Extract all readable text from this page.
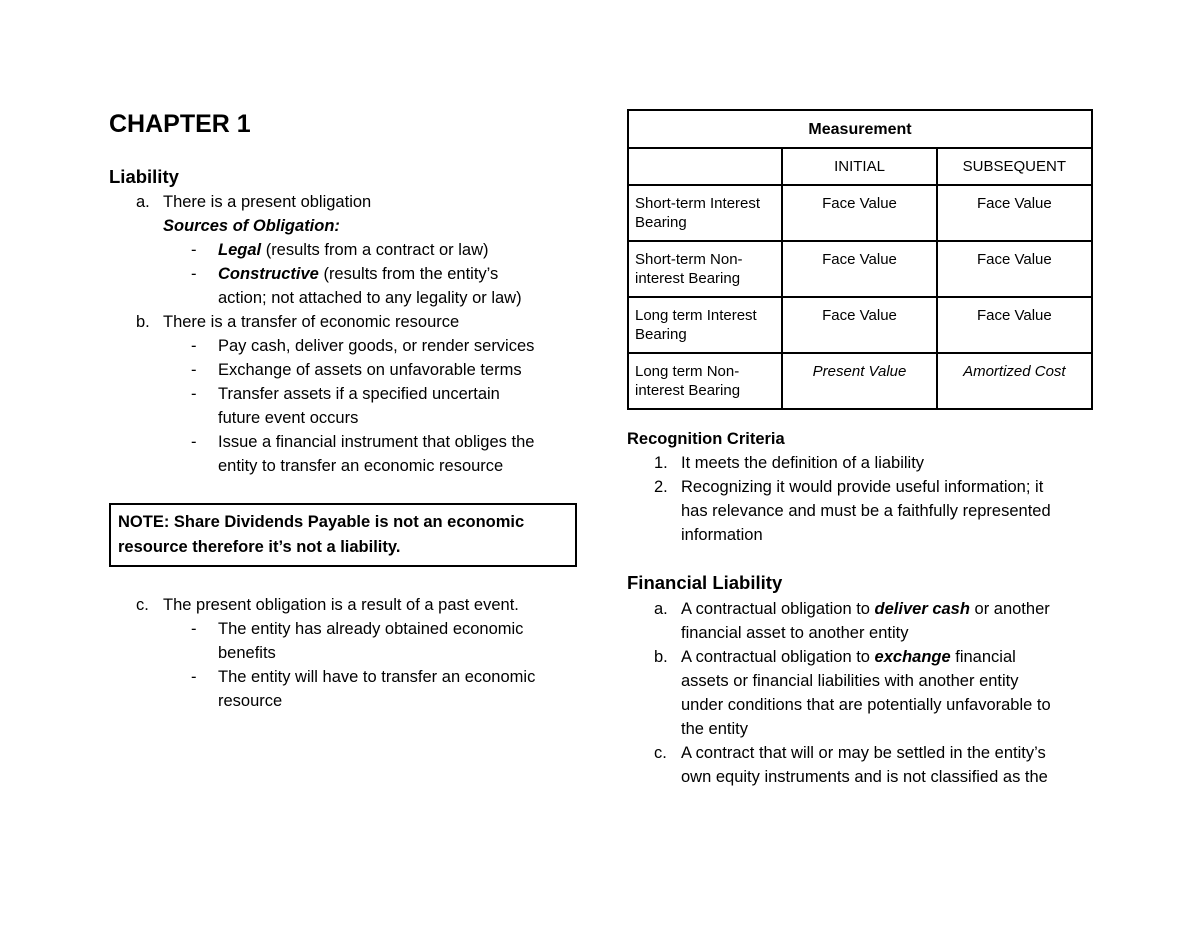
CHAPTER 1
Liability
a. There is a present obligation
Sources of Obligation:
- Legal (results from a contract or law)
- Constructive (results from the entity’s
action; not attached to any legality or law)
b. There is a transfer of economic resource
- Pay cash, deliver goods, or render services
- Exchange of assets on unfavorable terms
- Transfer assets if a specified uncertain
future event occurs
- Issue a financial instrument that obliges the
entity to transfer an economic resource
NOTE: Share Dividends Payable is not an economic
resource therefore it’s not a liability.
c. The present obligation is a result of a past event.
- The entity has already obtained economic
benefits
- The entity will have to transfer an economic
resource
Measurement		
	INITIAL	SUBSEQUENT

Short-term Interest
Bearing	Face Value	Face Value

Short-term Non-
interest Bearing	Face Value	Face Value

Long term Interest
Bearing	Face Value	Face Value

Long term Non-
interest Bearing	Present Value	Amortized Cost
Recognition Criteria
1. It meets the definition of a liability
2. Recognizing it would provide useful information; it
has relevance and must be a faithfully represented
information
Financial Liability
a. A contractual obligation to deliver cash or another
financial asset to another entity
b. A contractual obligation to exchange financial
assets or financial liabilities with another entity
under conditions that are potentially unfavorable to
the entity
c. A contract that will or may be settled in the entity’s
own equity instruments and is not classified as the
